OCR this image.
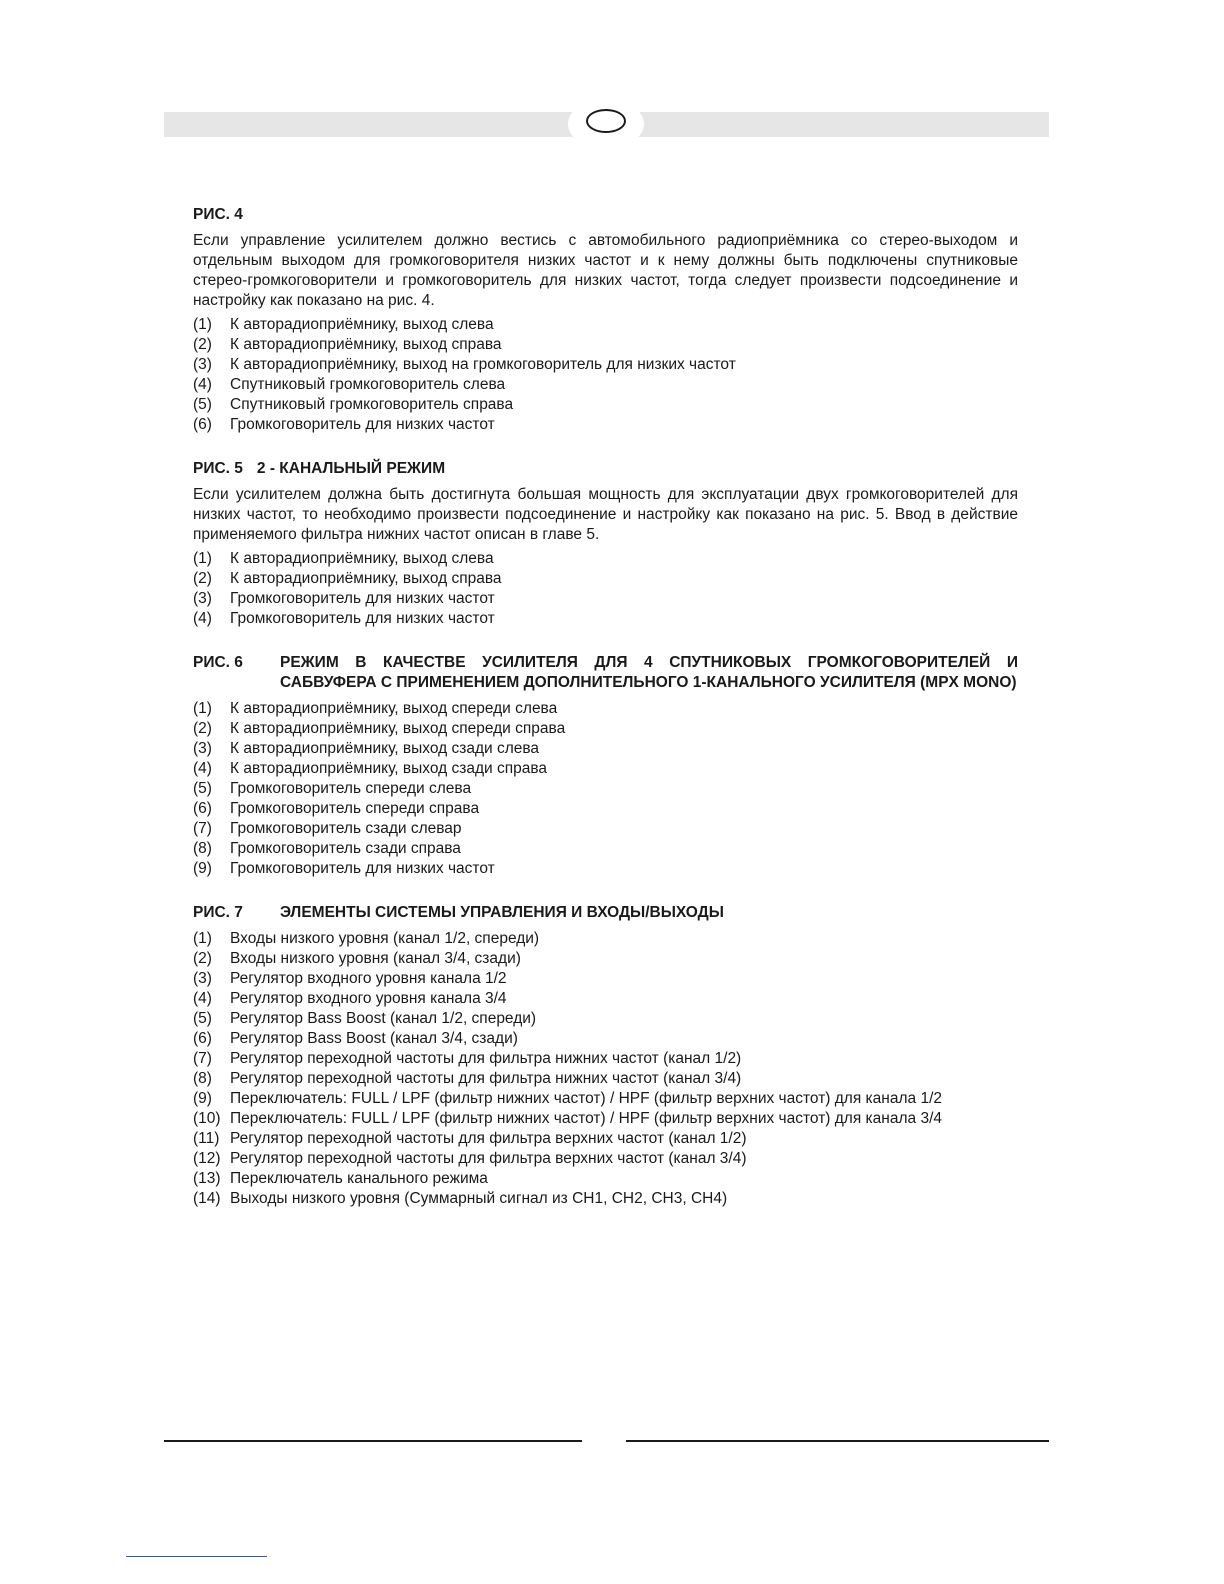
РИС. 4

Если управление усилителем должно вестись с автомобильного радиоприёмника со стерео-выходом и отдельным выходом для громкоговорителя низких частот и к нему должны быть подключены спутниковые стерео-громкоговорители и громкоговоритель для низких частот, тогда следует произвести подсоединение и настройку как показано на рис. 4.

(1)	К авторадиоприёмнику, выход слева
(2)	К авторадиоприёмнику, выход справа
(3)	К авторадиоприёмнику, выход на громкоговоритель для низких частот
(4)	Спутниковый громкоговоритель слева
(5)	Спутниковый громкоговоритель справа
(6)	Громкоговоритель для низких частот
РИС. 5 2 - КАНАЛЬНЫЙ РЕЖИМ

Если усилителем должна быть достигнута большая мощность для эксплуатации двух громкоговорителей для низких частот, то необходимо произвести подсоединение и настройку как показано на рис. 5. Ввод в действие применяемого фильтра нижних частот описан в главе 5.

(1)	К авторадиоприёмнику, выход слева
(2)	К авторадиоприёмнику, выход справа
(3)	Громкоговоритель для низких частот
(4)	Громкоговоритель для низких частот
РИС. 6	РЕЖИМ В КАЧЕСТВЕ УСИЛИТЕЛЯ ДЛЯ 4 СПУТНИКОВЫХ ГРОМКОГОВОРИТЕЛЕЙ И САБВУФЕРА С ПРИМЕНЕНИЕМ ДОПОЛНИТЕЛЬНОГО 1-КАНАЛЬНОГО УСИЛИТЕЛЯ (MPX MONO)
(1)	К авторадиоприёмнику, выход спереди слева
(2)	К авторадиоприёмнику, выход спереди справа
(3)	К авторадиоприёмнику, выход сзади слева
(4)	К авторадиоприёмнику, выход сзади справа
(5)	Громкоговоритель спереди слева
(6)	Громкоговоритель спереди справа
(7)	Громкоговоритель сзади слевар
(8)	Громкоговоритель сзади справа
(9)	Громкоговоритель для низких частот
РИС. 7	ЭЛЕМЕНТЫ СИСТЕМЫ УПРАВЛЕНИЯ И ВХОДЫ/ВЫХОДЫ
(1)	Входы низкого уровня (канал 1/2, спереди)
(2)	Входы низкого уровня (канал 3/4, сзади)
(3)	Регулятор входного уровня канала 1/2
(4)	Регулятор входного уровня канала 3/4
(5)	Регулятор Bass Boost (канал 1/2, спереди)
(6)	Регулятор Bass Boost (канал 3/4, сзади)
(7)	Регулятор переходной частоты для фильтра нижних частот (канал 1/2)
(8)	Регулятор переходной частоты для фильтра нижних частот (канал 3/4)
(9)	Переключатель: FULL / LPF (фильтр нижних частот) / HPF (фильтр верхних частот) для канала 1/2
(10) Переключатель: FULL / LPF (фильтр нижних частот) / HPF (фильтр верхних частот) для канала 3/4
(11) Регулятор переходной частоты для фильтра верхних частот (канал 1/2)
(12) Регулятор переходной частоты для фильтра верхних частот (канал 3/4)
(13) Переключатель канального режима
(14) Выходы низкого уровня (Суммарный сигнал из CH1, CH2, CH3, CH4)
